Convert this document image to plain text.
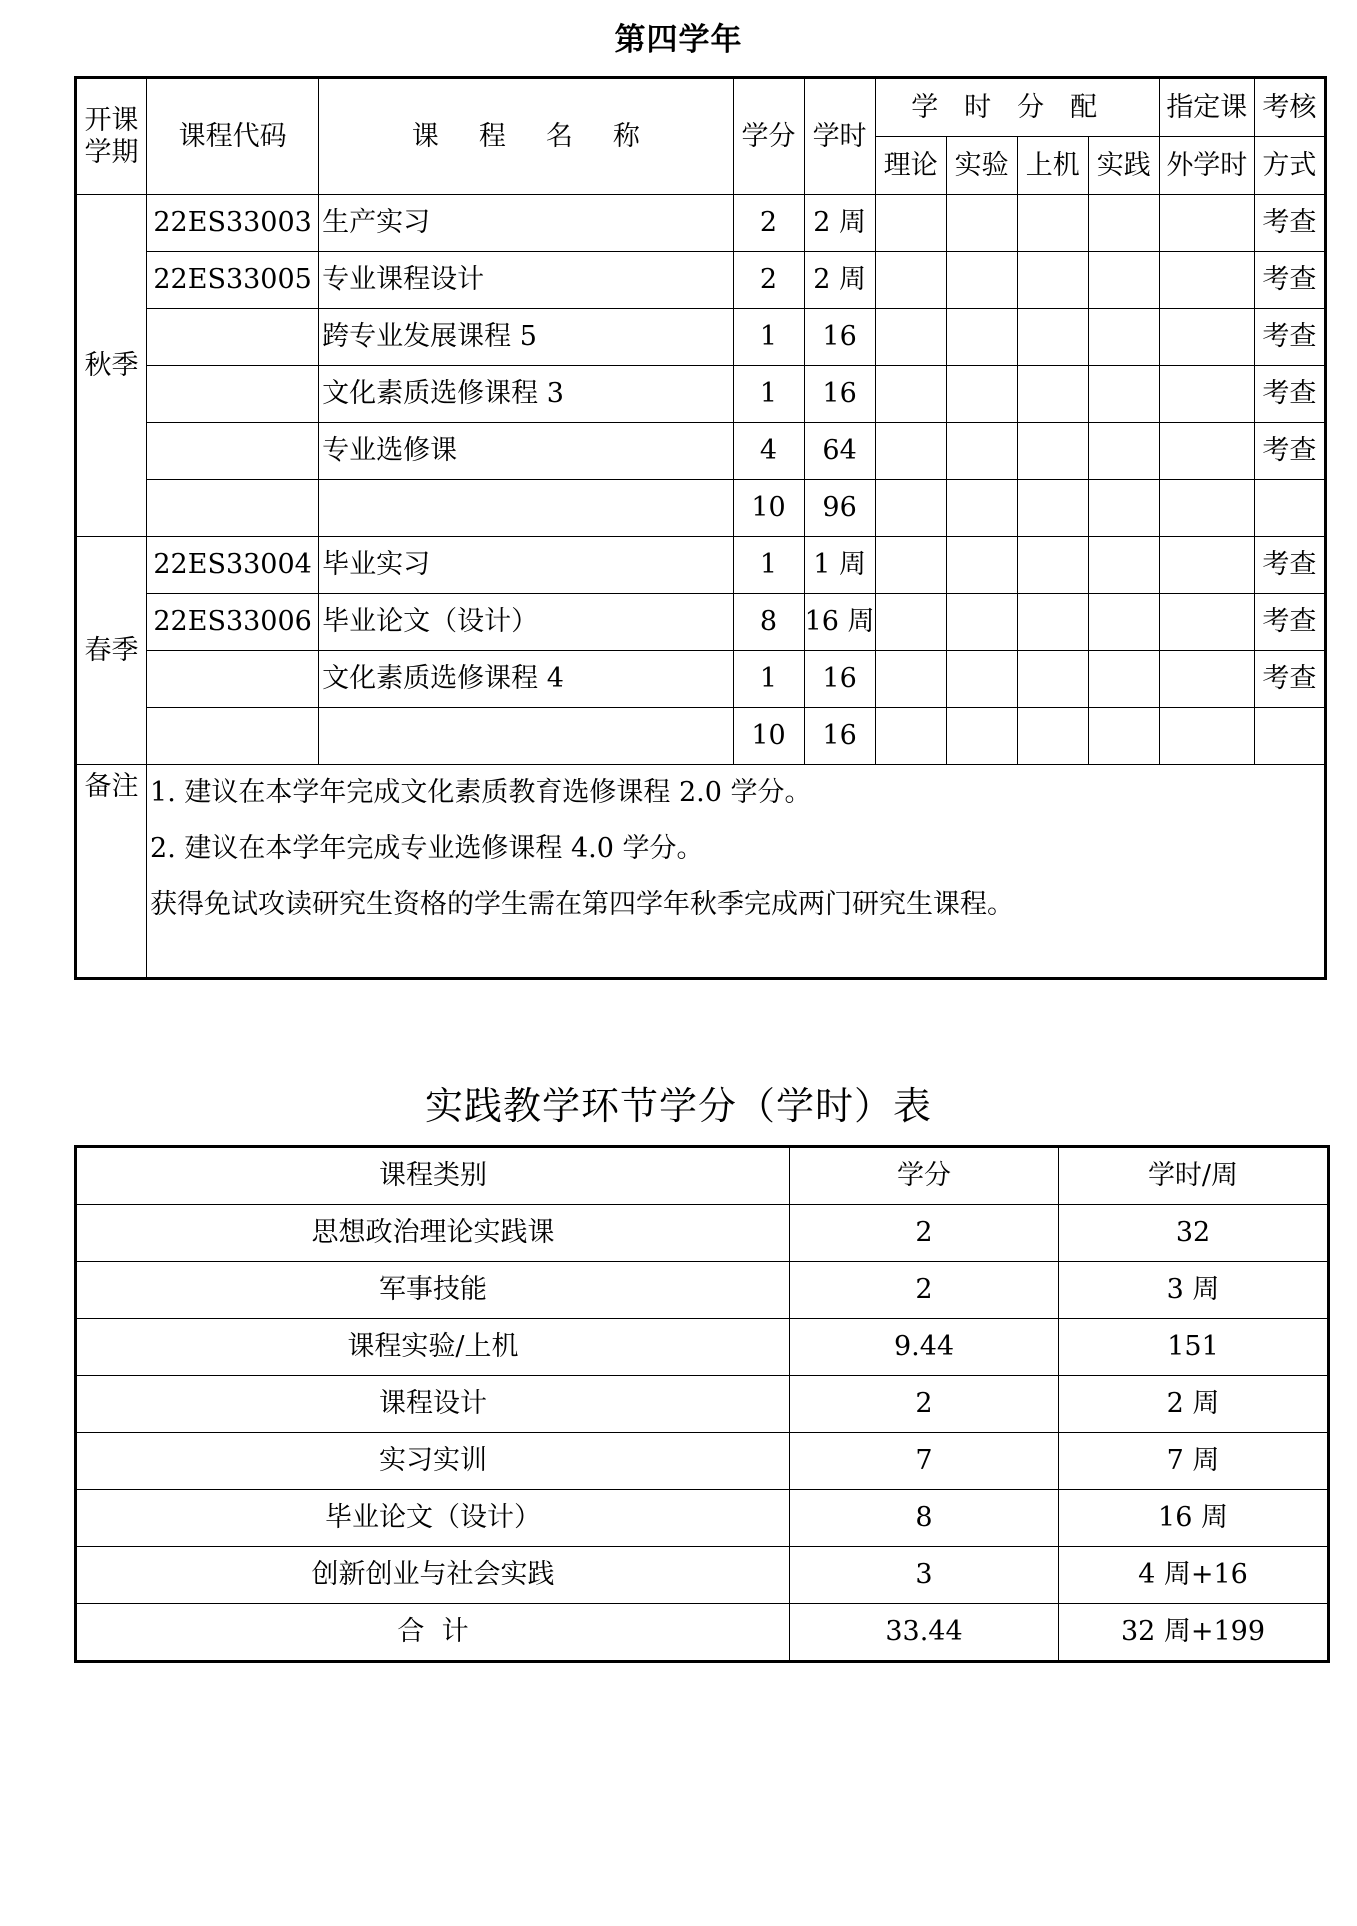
第四学年
开课学期	课程代码	课程名称	学分	学时	学时分配				指定课	考核
					理论	实验	上机	实践	外学时	方式
秋季	22ES33003	生产实习	2	2 周						考查
	22ES33005	专业课程设计	2	2 周						考查
		跨专业发展课程 5	1	16						考查
		文化素质选修课程 3	1	16						考查
		专业选修课	4	64						考查
			10	96						
春季	22ES33004	毕业实习	1	1 周						考查
	22ES33006	毕业论文（设计）	8	16 周						考查
		文化素质选修课程 4	1	16						考查
			10	16						
备注	1. 建议在本学年完成文化素质教育选修课程 2.0 学分。									
	2. 建议在本学年完成专业选修课程 4.0 学分。									
	获得免试攻读研究生资格的学生需在第四学年秋季完成两门研究生课程。									

实践教学环节学分（学时）表
课程类别	学分	学时/周
思想政治理论实践课	2	32
军事技能	2	3 周
课程实验/上机	9.44	151
课程设计	2	2 周
实习实训	7	7 周
毕业论文（设计）	8	16 周
创新创业与社会实践	3	4 周+16
合  计	33.44	32 周+199
